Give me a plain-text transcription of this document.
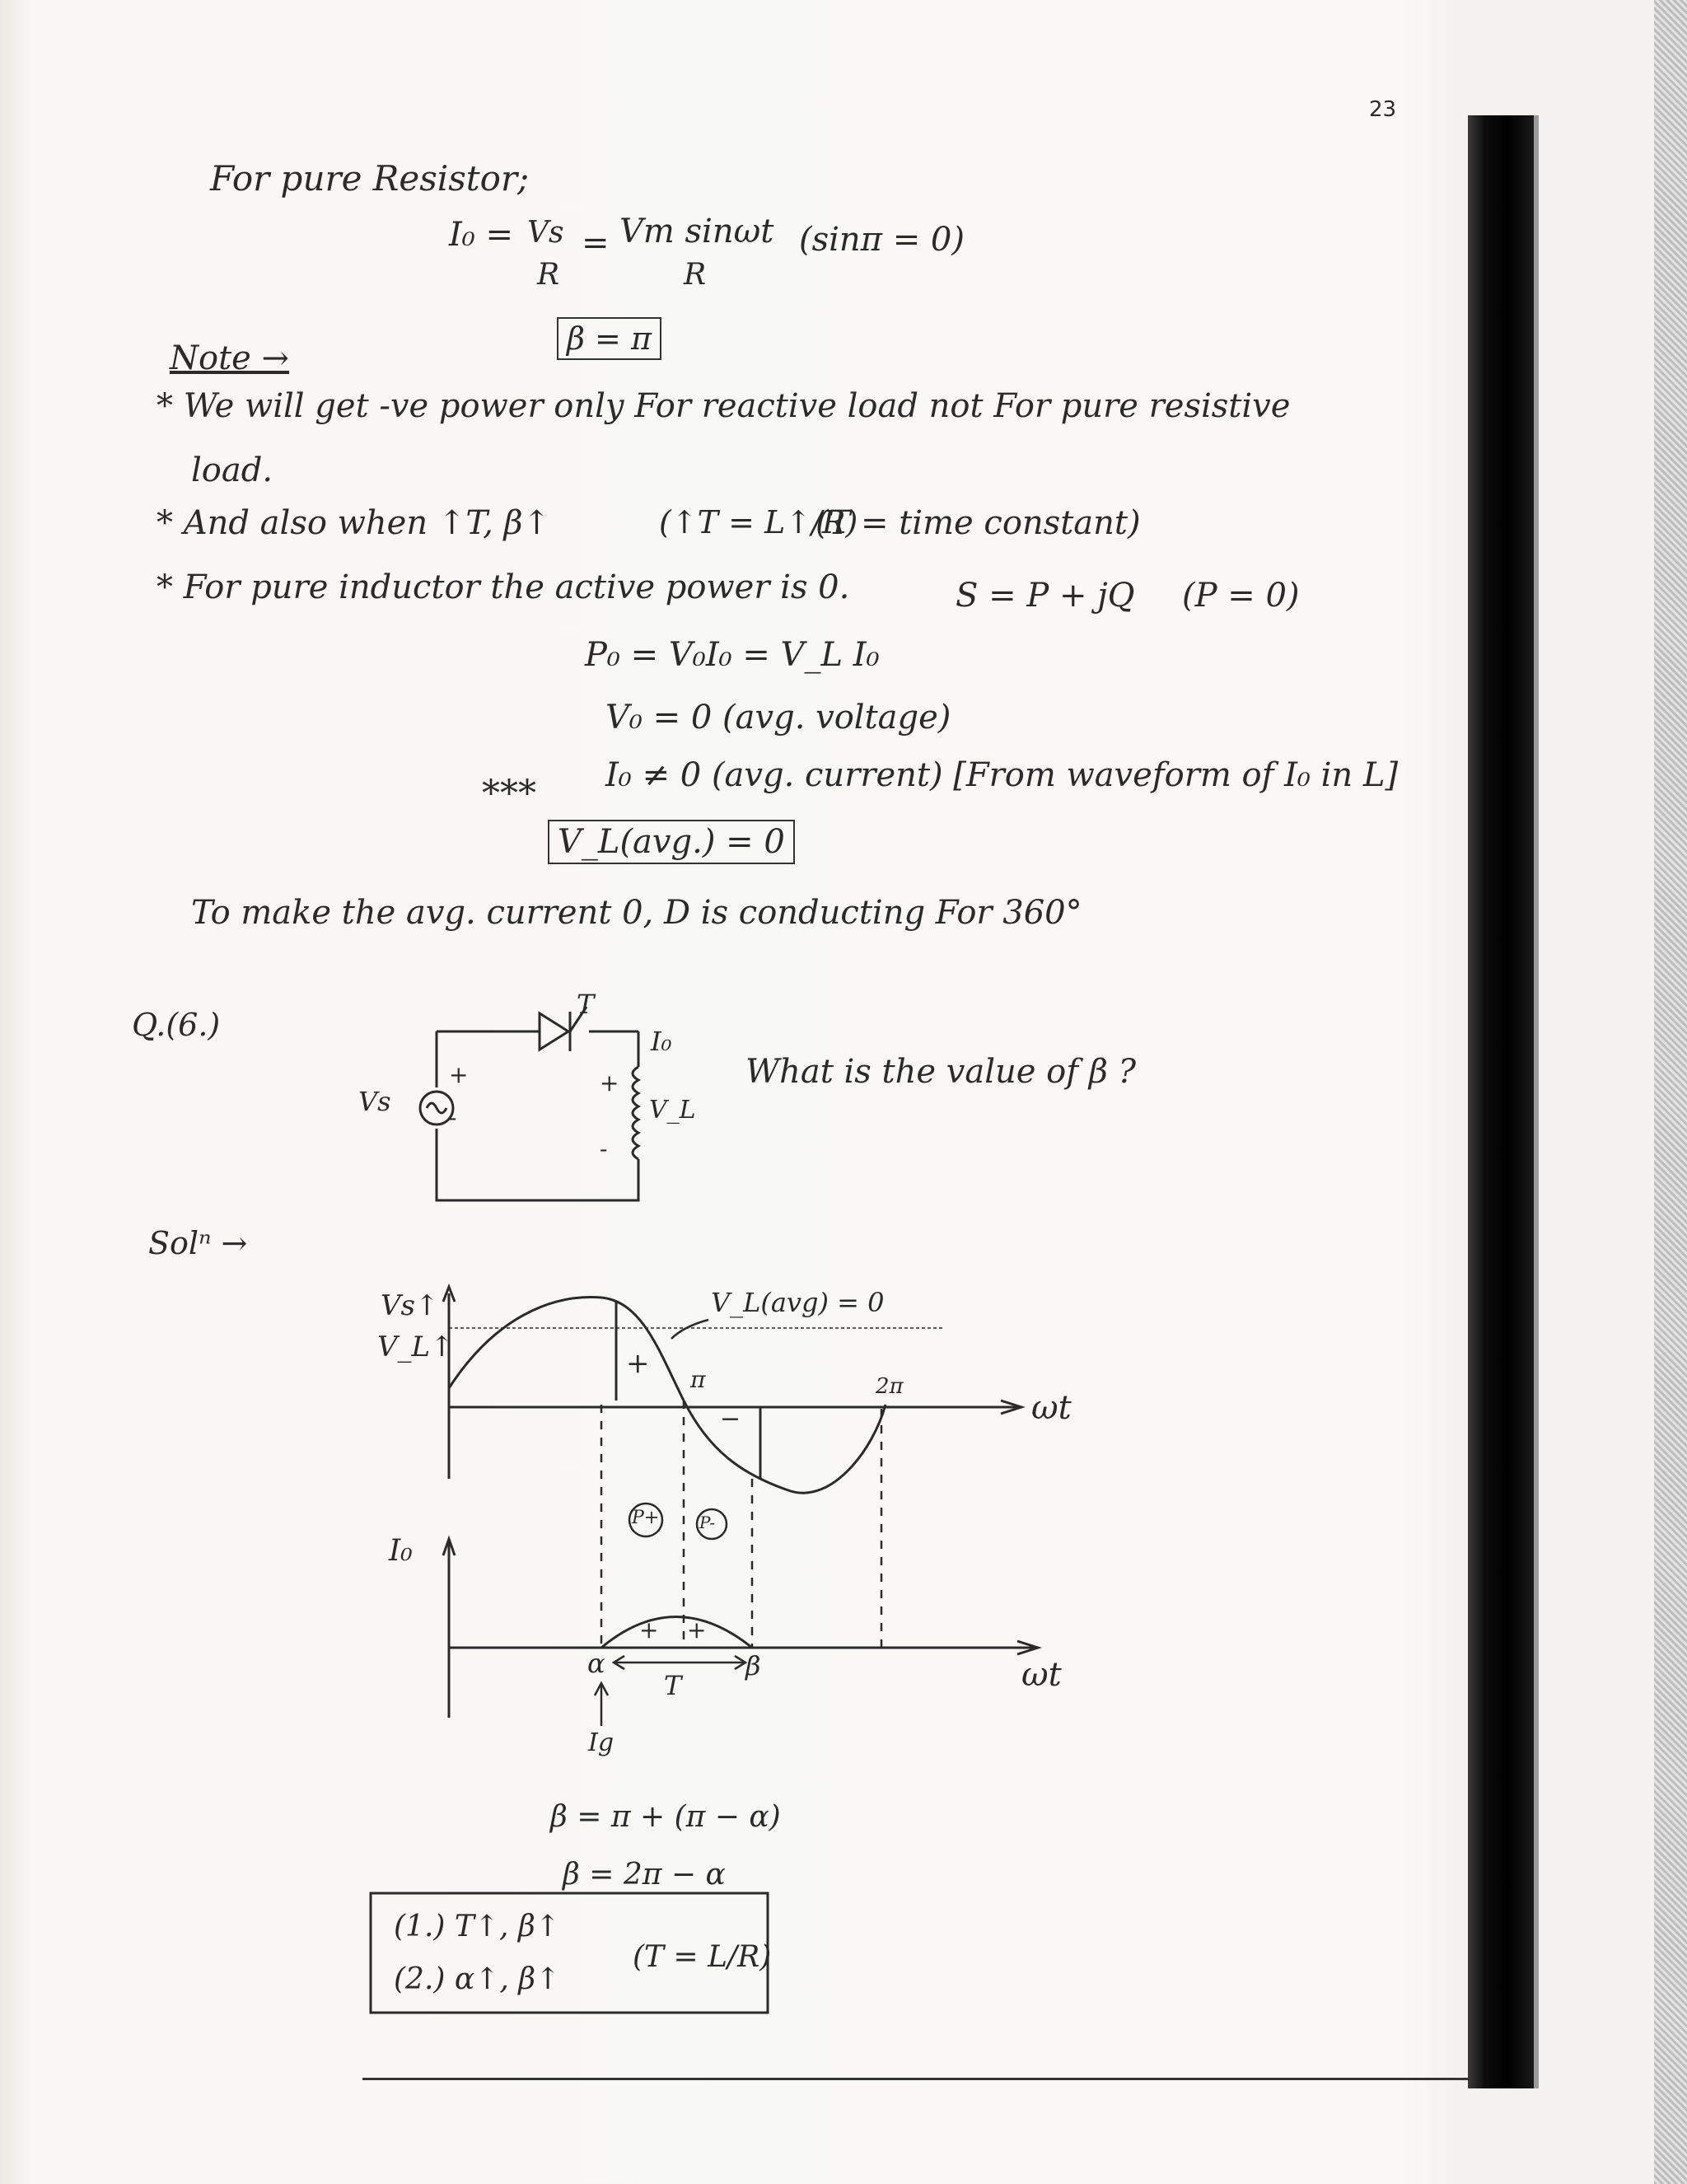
23
For pure Resistor;
I₀ = Vs
R
= Vm sinωt
R
(sinπ = 0)
β = π
Note →
* We will get -ve power only For reactive load not For pure resistive
load.
* And also when ↑T, β↑	(↑T = L↑/R)
(T = time constant)
* For pure inductor the active power is 0.	S = P + jQ (P = 0)
P₀ = V₀I₀ = V_L I₀
V₀ = 0 (avg. voltage)
I₀ ≠ 0 (avg. current) [From waveform of I₀ in L]
***
V_L(avg.) = 0
To make the avg. current 0, D is conducting For 360°
Q.(6.)
What is the value of β ?
T
I₀
Vs
+
-
+
-
V_L
Solⁿ →
Vs↑
V_L↑
V_L(avg) = 0
+ π
−
2π
ωt
I₀
P+ P-
+ +
α	β
T
Ig
ωt
β = π + (π − α)
β = 2π − α
(1.) T↑, β↑
(2.) α↑, β↑
(T = L/R)
